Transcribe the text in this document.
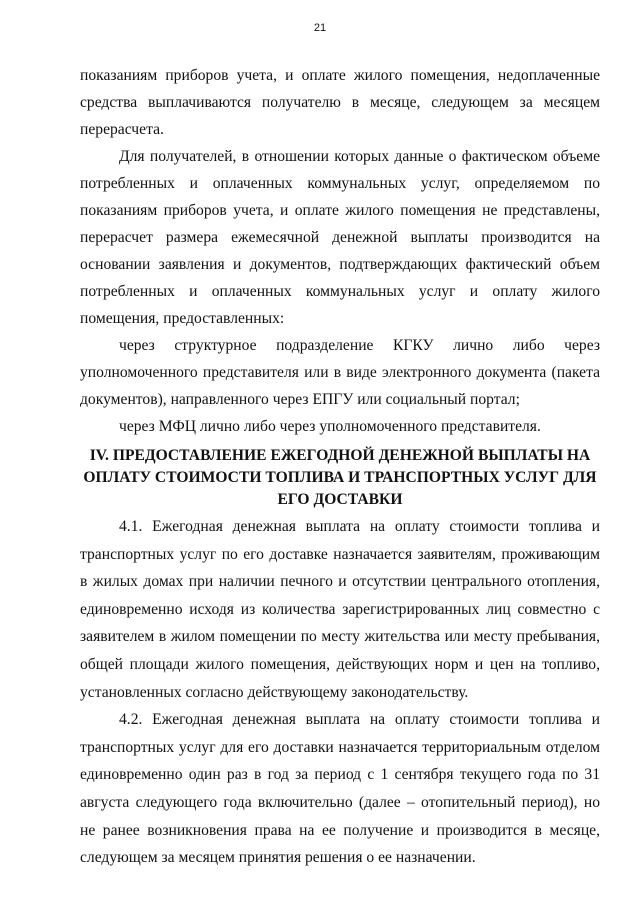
21

показаниям приборов учета, и оплате жилого помещения, недоплаченные средства выплачиваются получателю в месяце, следующем за месяцем перерасчета.

Для получателей, в отношении которых данные о фактическом объеме потребленных и оплаченных коммунальных услуг, определяемом по показаниям приборов учета, и оплате жилого помещения не представлены, перерасчет размера ежемесячной денежной выплаты производится на основании заявления и документов, подтверждающих фактический объем потребленных и оплаченных коммунальных услуг и оплату жилого помещения, предоставленных:

через структурное подразделение КГКУ лично либо через уполномоченного представителя или в виде электронного документа (пакета документов), направленного через ЕПГУ или социальный портал;

через МФЦ лично либо через уполномоченного представителя.

IV. ПРЕДОСТАВЛЕНИЕ ЕЖЕГОДНОЙ ДЕНЕЖНОЙ ВЫПЛАТЫ НА ОПЛАТУ СТОИМОСТИ ТОПЛИВА И ТРАНСПОРТНЫХ УСЛУГ ДЛЯ ЕГО ДОСТАВКИ

4.1. Ежегодная денежная выплата на оплату стоимости топлива и транспортных услуг по его доставке назначается заявителям, проживающим в жилых домах при наличии печного и отсутствии центрального отопления, единовременно исходя из количества зарегистрированных лиц совместно с заявителем в жилом помещении по месту жительства или месту пребывания, общей площади жилого помещения, действующих норм и цен на топливо, установленных согласно действующему законодательству.

4.2. Ежегодная денежная выплата на оплату стоимости топлива и транспортных услуг для его доставки назначается территориальным отделом единовременно один раз в год за период с 1 сентября текущего года по 31 августа следующего года включительно (далее – отопительный период), но не ранее возникновения права на ее получение и производится в месяце, следующем за месяцем принятия решения о ее назначении.
